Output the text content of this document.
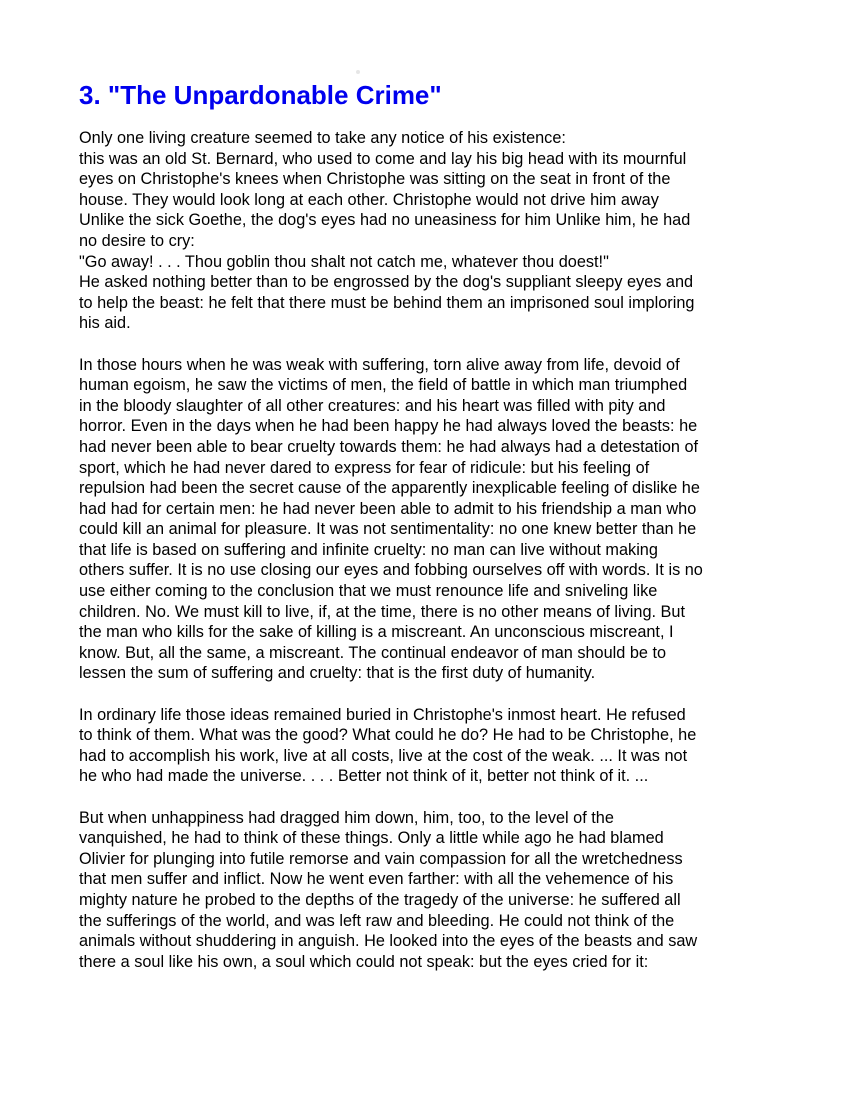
3. "The Unpardonable Crime"
Only one living creature seemed to take any notice of his existence:
this was an old St. Bernard, who used to come and lay his big head with its mournful
eyes on Christophe's knees when Christophe was sitting on the seat in front of the
house. They would look long at each other. Christophe would not drive him away
Unlike the sick Goethe, the dog's eyes had no uneasiness for him Unlike him, he had
no desire to cry:
"Go away! . . . Thou goblin thou shalt not catch me, whatever thou doest!"
He asked nothing better than to be engrossed by the dog's suppliant sleepy eyes and
to help the beast: he felt that there must be behind them an imprisoned soul imploring
his aid.
In those hours when he was weak with suffering, torn alive away from life, devoid of
human egoism, he saw the victims of men, the field of battle in which man triumphed
in the bloody slaughter of all other creatures: and his heart was filled with pity and
horror. Even in the days when he had been happy he had always loved the beasts: he
had never been able to bear cruelty towards them: he had always had a detestation of
sport, which he had never dared to express for fear of ridicule: but his feeling of
repulsion had been the secret cause of the apparently inexplicable feeling of dislike he
had had for certain men: he had never been able to admit to his friendship a man who
could kill an animal for pleasure. It was not sentimentality: no one knew better than he
that life is based on suffering and infinite cruelty: no man can live without making
others suffer. It is no use closing our eyes and fobbing ourselves off with words. It is no
use either coming to the conclusion that we must renounce life and sniveling like
children. No. We must kill to live, if, at the time, there is no other means of living. But
the man who kills for the sake of killing is a miscreant. An unconscious miscreant, I
know. But, all the same, a miscreant. The continual endeavor of man should be to
lessen the sum of suffering and cruelty: that is the first duty of humanity.
In ordinary life those ideas remained buried in Christophe's inmost heart. He refused
to think of them. What was the good? What could he do? He had to be Christophe, he
had to accomplish his work, live at all costs, live at the cost of the weak. ... It was not
he who had made the universe. . . . Better not think of it, better not think of it. ...
But when unhappiness had dragged him down, him, too, to the level of the
vanquished, he had to think of these things. Only a little while ago he had blamed
Olivier for plunging into futile remorse and vain compassion for all the wretchedness
that men suffer and inflict. Now he went even farther: with all the vehemence of his
mighty nature he probed to the depths of the tragedy of the universe: he suffered all
the sufferings of the world, and was left raw and bleeding. He could not think of the
animals without shuddering in anguish. He looked into the eyes of the beasts and saw
there a soul like his own, a soul which could not speak: but the eyes cried for it:
